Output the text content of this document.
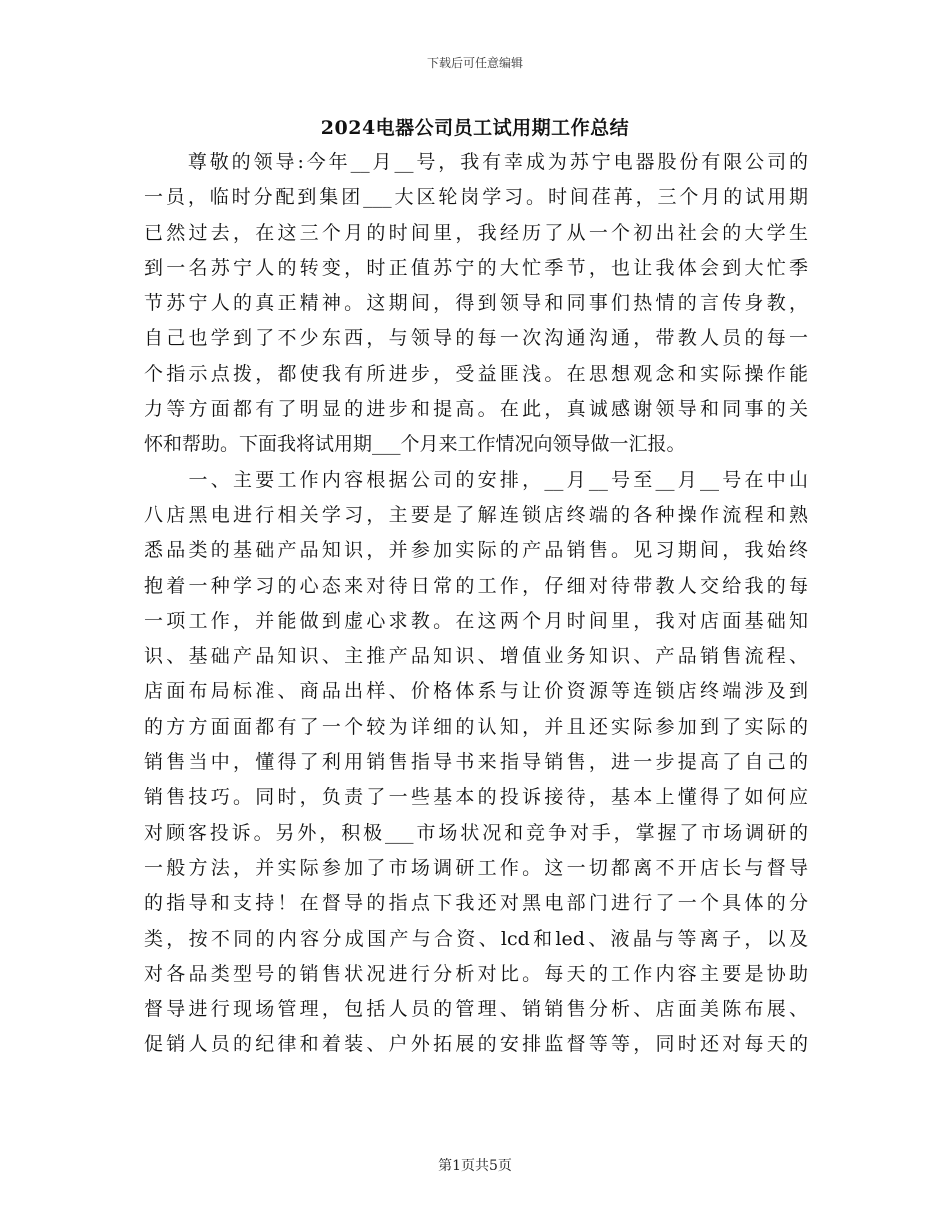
下载后可任意编辑
2024电器公司员工试用期工作总结
　　尊敬的领导:今年__月__号，我有幸成为苏宁电器股份有限公司的
一员，临时分配到集团___大区轮岗学习。时间荏苒，三个月的试用期
已然过去，在这三个月的时间里，我经历了从一个初出社会的大学生
到一名苏宁人的转变，时正值苏宁的大忙季节，也让我体会到大忙季
节苏宁人的真正精神。这期间，得到领导和同事们热情的言传身教，
自己也学到了不少东西，与领导的每一次沟通沟通，带教人员的每一
个指示点拨，都使我有所进步，受益匪浅。在思想观念和实际操作能
力等方面都有了明显的进步和提高。在此，真诚感谢领导和同事的关
怀和帮助。下面我将试用期___个月来工作情况向领导做一汇报。
　　一、主要工作内容根据公司的安排，__月__号至__月__号在中山
八店黑电进行相关学习，主要是了解连锁店终端的各种操作流程和熟
悉品类的基础产品知识，并参加实际的产品销售。见习期间，我始终
抱着一种学习的心态来对待日常的工作，仔细对待带教人交给我的每
一项工作，并能做到虚心求教。在这两个月时间里，我对店面基础知
识、基础产品知识、主推产品知识、增值业务知识、产品销售流程、
店面布局标准、商品出样、价格体系与让价资源等连锁店终端涉及到
的方方面面都有了一个较为详细的认知，并且还实际参加到了实际的
销售当中，懂得了利用销售指导书来指导销售，进一步提高了自己的
销售技巧。同时，负责了一些基本的投诉接待，基本上懂得了如何应
对顾客投诉。另外，积极___市场状况和竞争对手，掌握了市场调研的
一般方法，并实际参加了市场调研工作。这一切都离不开店长与督导
的指导和支持！在督导的指点下我还对黑电部门进行了一个具体的分
类，按不同的内容分成国产与合资、lcd和led、液晶与等离子，以及
对各品类型号的销售状况进行分析对比。每天的工作内容主要是协助
督导进行现场管理，包括人员的管理、销销售分析、店面美陈布展、
促销人员的纪律和着装、户外拓展的安排监督等等，同时还对每天的
第1页共5页
